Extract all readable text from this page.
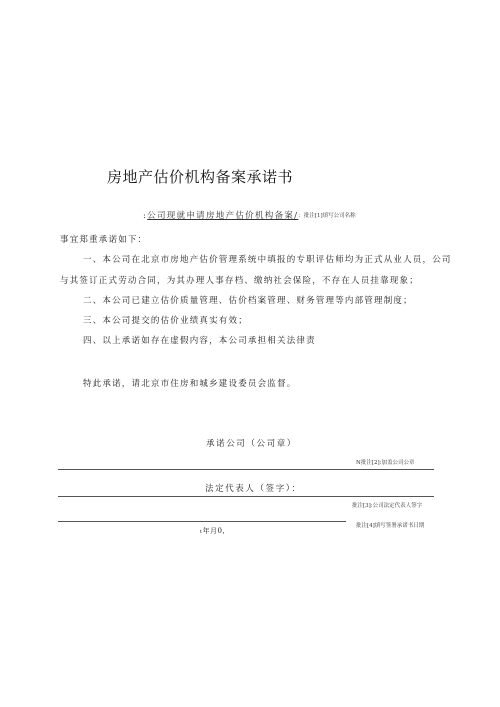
房地产估价机构备案承诺书
:公司现就申请房地产估价机构备案/：批注[1]填写公司名称
事宜郑重承诺如下：
一、本公司在北京市房地产估价管理系统中填报的专职评估师均为正式从业人员，公司
与其签订正式劳动合同，为其办理人事存档、缴纳社会保险，不存在人员挂靠现象；
二、本公司已建立估价质量管理、估价档案管理、财务管理等内部管理制度；
三、本公司提交的估价业绩真实有效；
四、以上承诺如存在虚假内容，本公司承担相关法律责
特此承诺，请北京市住房和城乡建设委员会监督。
承诺公司（公司章）
N批注[2]:加盖公司公章
法定代表人（签字）：
批注[3]:公司法定代表人签字
批注[4]填写签署承诺书日期
t年月0,
